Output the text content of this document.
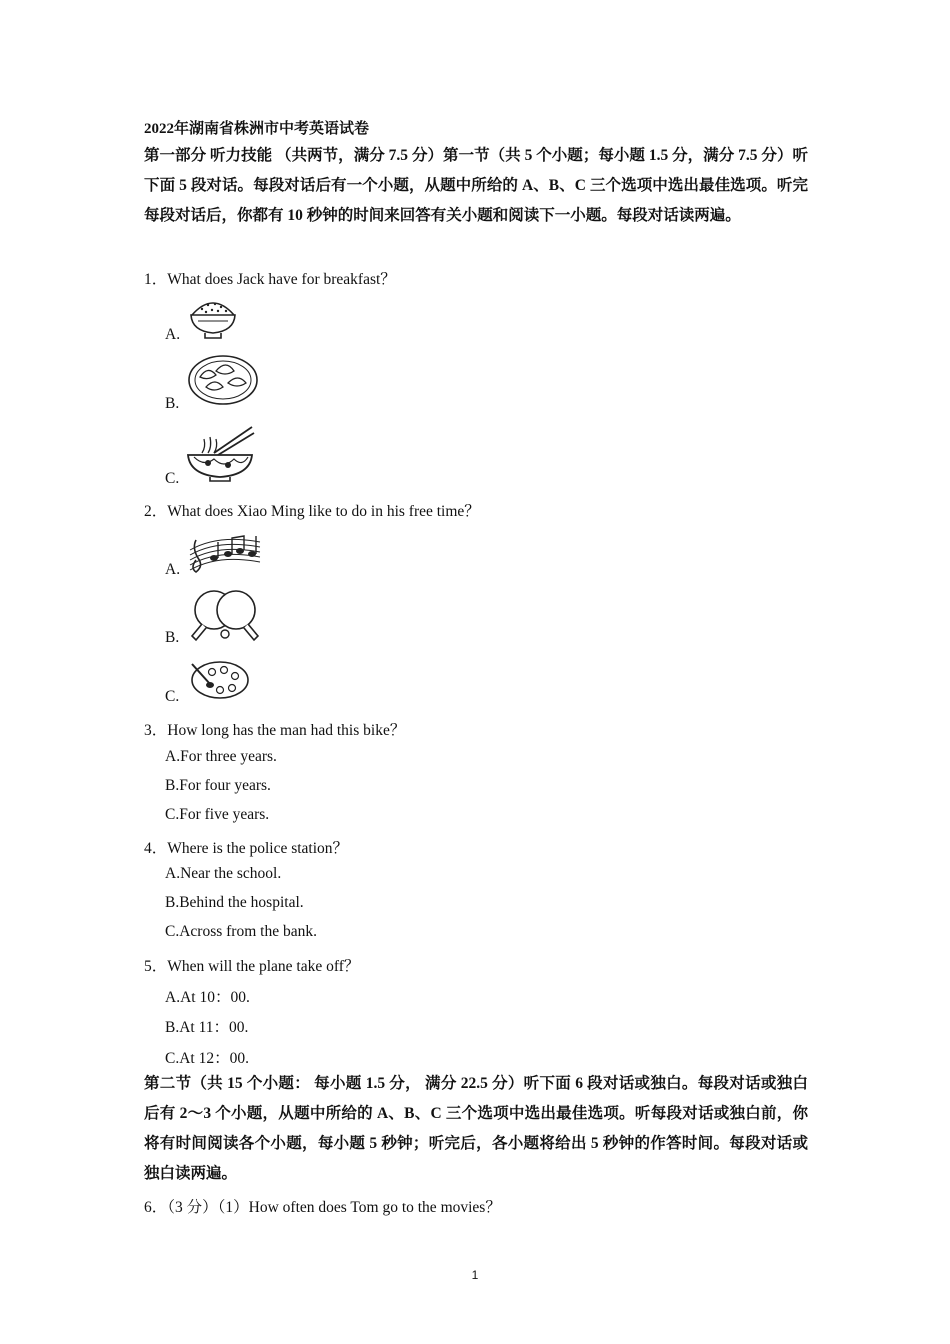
2022年湖南省株洲市中考英语试卷
第一部分 听力技能 （共两节，满分 7.5 分）第一节（共 5 个小题；每小题 1.5 分，满分 7.5 分）听下面 5 段对话。每段对话后有一个小题，从题中所给的 A、B、C 三个选项中选出最佳选项。听完每段对话后，你都有 10 秒钟的时间来回答有关小题和阅读下一小题。每段对话读两遍。
1．What does Jack have for breakfast？
A.
B.
C.
2．What does Xiao Ming like to do in his free time？
A.
B.
C.
3．How long has the man had this bike？
A.For three years.
B.For four years.
C.For five years.
4．Where is the police station？
A.Near the school.
B.Behind the hospital.
C.Across from the bank.
5．When will the plane take off？
A.At 10：00.
B.At 11：00.
C.At 12：00.
第二节（共 15 个小题： 每小题 1.5 分， 满分 22.5 分）听下面 6 段对话或独白。每段对话或独白后有 2～3 个小题，从题中所给的 A、B、C 三个选项中选出最佳选项。听每段对话或独白前，你将有时间阅读各个小题，每小题 5 秒钟；听完后，各小题将给出 5 秒钟的作答时间。每段对话或独白读两遍。
6．（3 分）（1）How often does Tom go to the movies？
1
